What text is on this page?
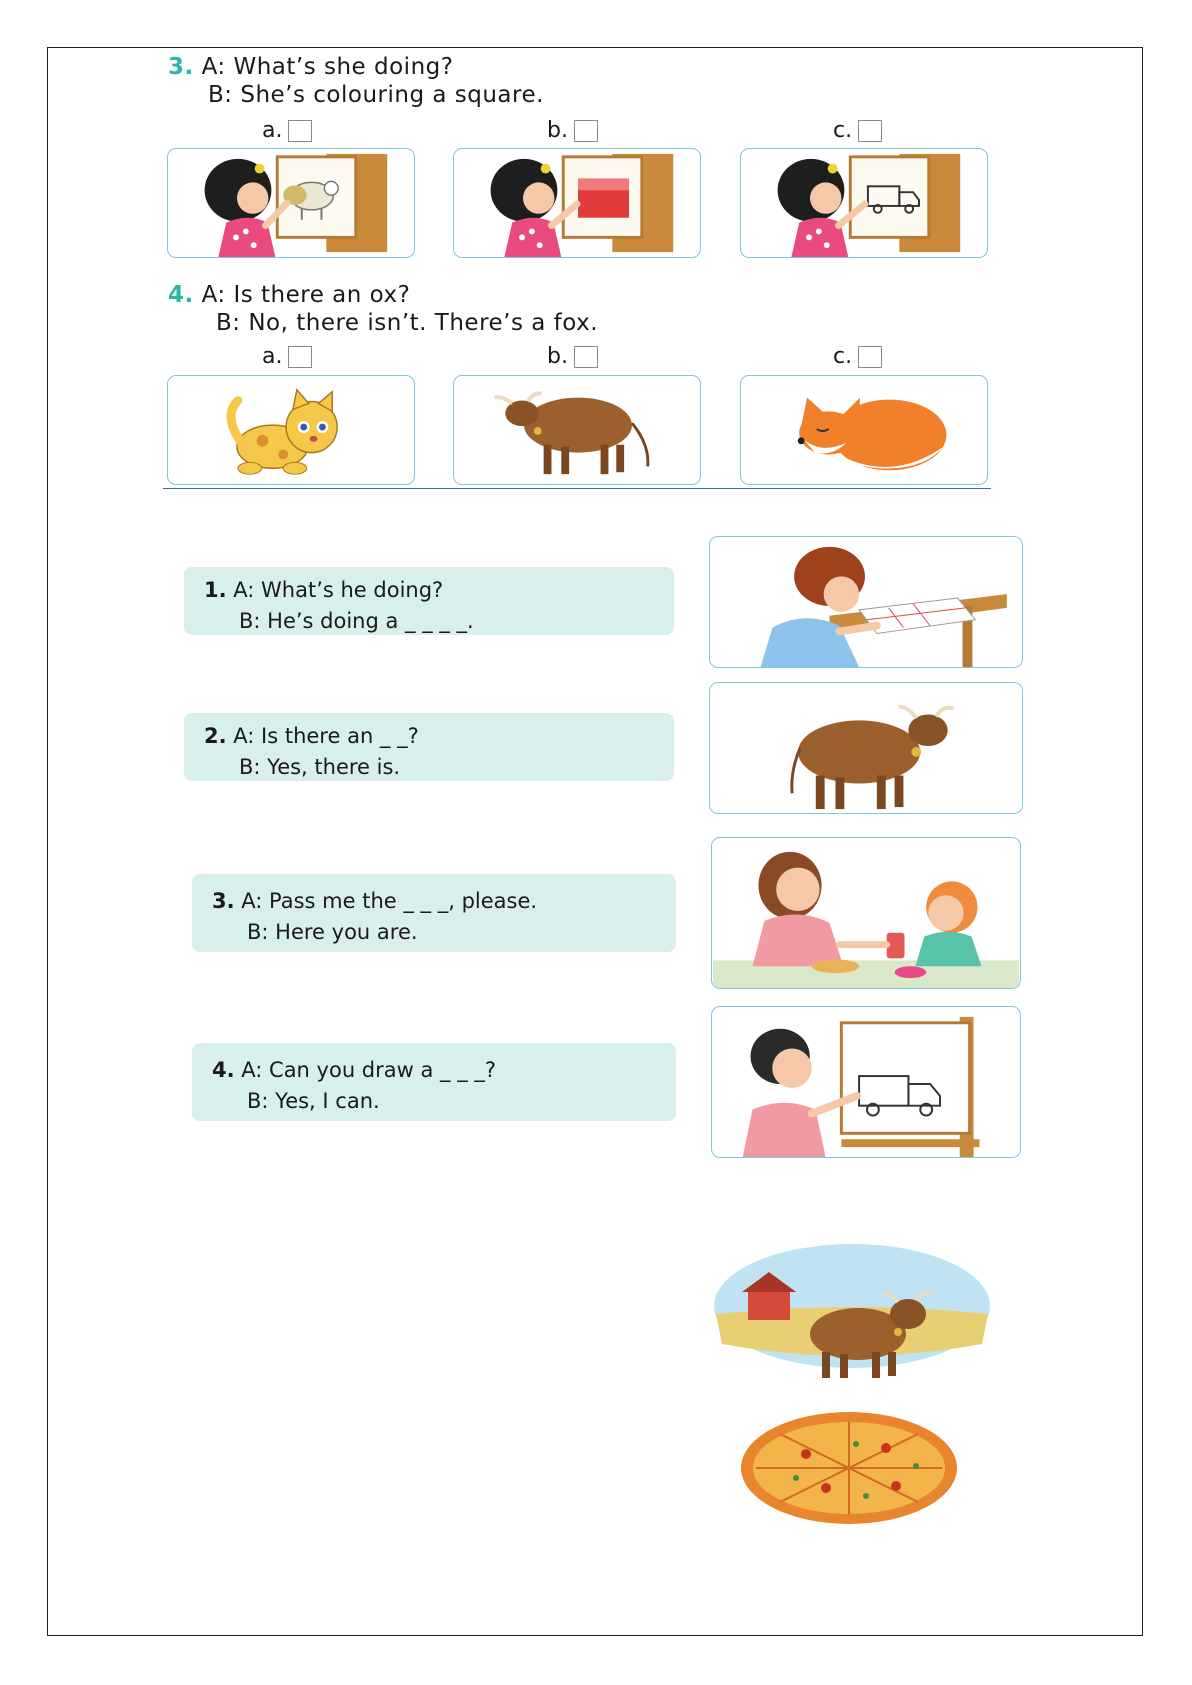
3. A: What’s she doing?
B: She’s colouring a square.
a.	b.	c.
4. A: Is there an ox?
B: No, there isn’t. There’s a fox.
a.	b.	c.
1. A: What’s he doing?
B: He’s doing a _ _ _ _.
2. A: Is there an _ _?
B: Yes, there is.
3. A: Pass me the _ _ _, please.
B: Here you are.
4. A: Can you draw a _ _ _?
B: Yes, I can.
